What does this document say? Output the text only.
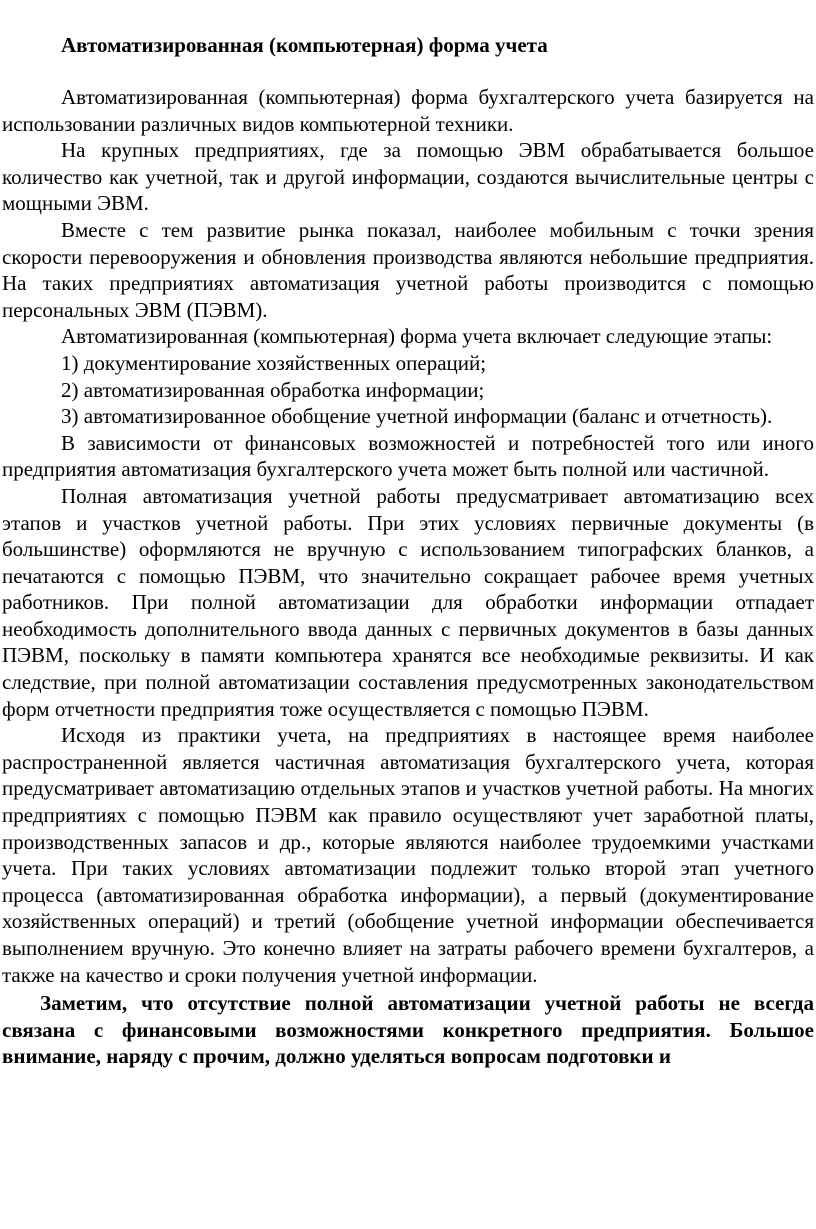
Автоматизированная (компьютерная) форма учета

Автоматизированная (компьютерная) форма бухгалтерского учета базируется на использовании различных видов компьютерной техники.

На крупных предприятиях, где за помощью ЭВМ обрабатывается большое количество как учетной, так и другой информации, создаются вычислительные центры с мощными ЭВМ.

Вместе с тем развитие рынка показал, наиболее мобильным с точки зрения скорости перевооружения и обновления производства являются небольшие предприятия. На таких предприятиях автоматизация учетной работы производится с помощью персональных ЭВМ (ПЭВМ).

Автоматизированная (компьютерная) форма учета включает следующие этапы:

1) документирование хозяйственных операций;

2) автоматизированная обработка информации;

3) автоматизированное обобщение учетной информации (баланс и отчетность).

В зависимости от финансовых возможностей и потребностей того или иного предприятия автоматизация бухгалтерского учета может быть полной или частичной.

Полная автоматизация учетной работы предусматривает автоматизацию всех этапов и участков учетной работы. При этих условиях первичные документы (в большинстве) оформляются не вручную с использованием типографских бланков, а печатаются с помощью ПЭВМ, что значительно сокращает рабочее время учетных работников. При полной автоматизации для обработки информации отпадает необходимость дополнительного ввода данных с первичных документов в базы данных ПЭВМ, поскольку в памяти компьютера хранятся все необходимые реквизиты. И как следствие, при полной автоматизации составления предусмотренных законодательством форм отчетности предприятия тоже осуществляется с помощью ПЭВМ.

Исходя из практики учета, на предприятиях в настоящее время наиболее распространенной является частичная автоматизация бухгалтерского учета, которая предусматривает автоматизацию отдельных этапов и участков учетной работы. На многих предприятиях с помощью ПЭВМ как правило осуществляют учет заработной платы, производственных запасов и др., которые являются наиболее трудоемкими участками учета. При таких условиях автоматизации подлежит только второй этап учетного процесса (автоматизированная обработка информации), а первый (документирование хозяйственных операций) и третий (обобщение учетной информации обеспечивается выполнением вручную. Это конечно влияет на затраты рабочего времени бухгалтеров, а также на качество и сроки получения учетной информации.

Заметим, что отсутствие полной автоматизации учетной работы не всегда связана с финансовыми возможностями конкретного предприятия. Большое внимание, наряду с прочим, должно уделяться вопросам подготовки и
